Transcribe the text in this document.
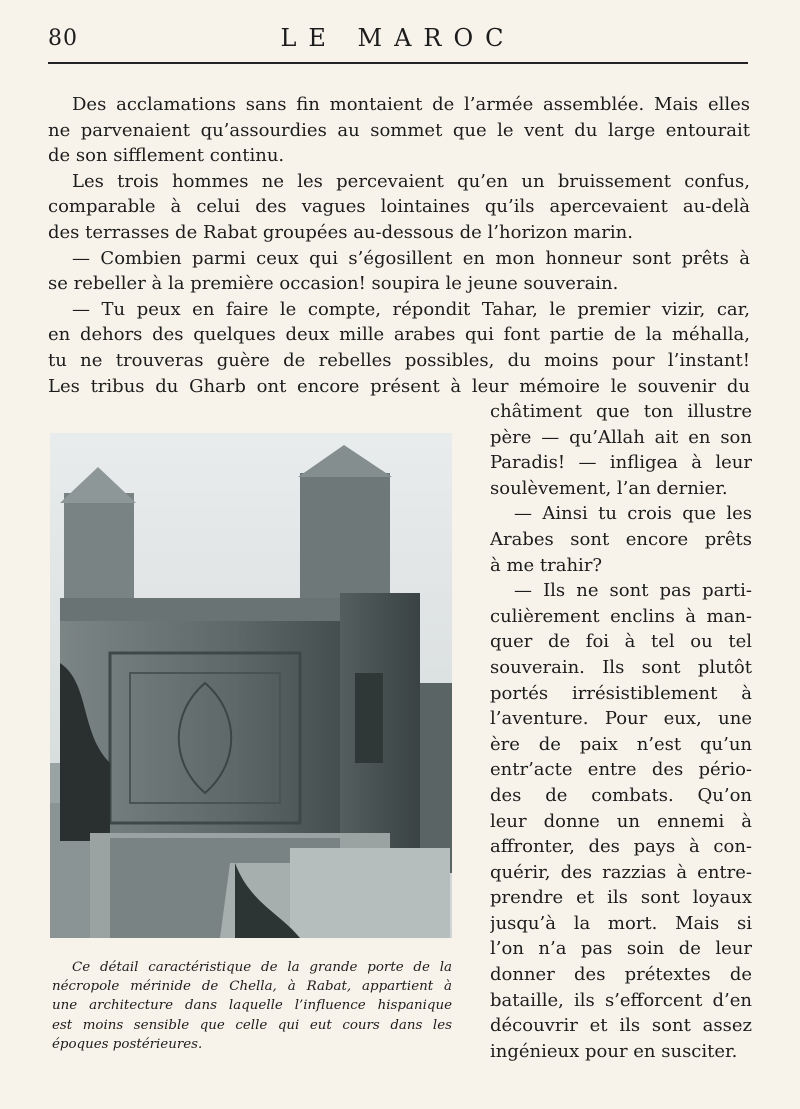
80	LE MAROC
Des acclamations sans fin montaient de l’armée assemblée. Mais elles
ne parvenaient qu’assourdies au sommet que le vent du large entourait
de son sifflement continu.
Les trois hommes ne les percevaient qu’en un bruissement confus,
comparable à celui des vagues lointaines qu’ils apercevaient au-delà
des terrasses de Rabat groupées au-dessous de l’horizon marin.
— Combien parmi ceux qui s’égosillent en mon honneur sont prêts à
se rebeller à la première occasion! soupira le jeune souverain.
— Tu peux en faire le compte, répondit Tahar, le premier vizir, car,
en dehors des quelques deux mille arabes qui font partie de la méhalla,
tu ne trouveras guère de rebelles possibles, du moins pour l’instant!
Les tribus du Gharb ont encore présent à leur mémoire le souvenir du
châtiment que ton illustre
père — qu’Allah ait en son
Paradis! — infligea à leur
soulèvement, l’an dernier.
— Ainsi tu crois que les
Arabes sont encore prêts
à me trahir?
— Ils ne sont pas parti-
culièrement enclins à man-
quer de foi à tel ou tel
souverain. Ils sont plutôt
portés irrésistiblement à
l’aventure. Pour eux, une
ère de paix n’est qu’un
entr’acte entre des pério-
des de combats. Qu’on
leur donne un ennemi à
affronter, des pays à con-
quérir, des razzias à entre-
prendre et ils sont loyaux
jusqu’à la mort. Mais si
l’on n’a pas soin de leur
donner des prétextes de
bataille, ils s’efforcent d’en
découvrir et ils sont assez
ingénieux pour en susciter.
Ce détail caractéristique de la grande porte de la
nécropole mérinide de Chella, à Rabat, appartient à
une architecture dans laquelle l’influence hispanique
est moins sensible que celle qui eut cours dans les
époques postérieures.
